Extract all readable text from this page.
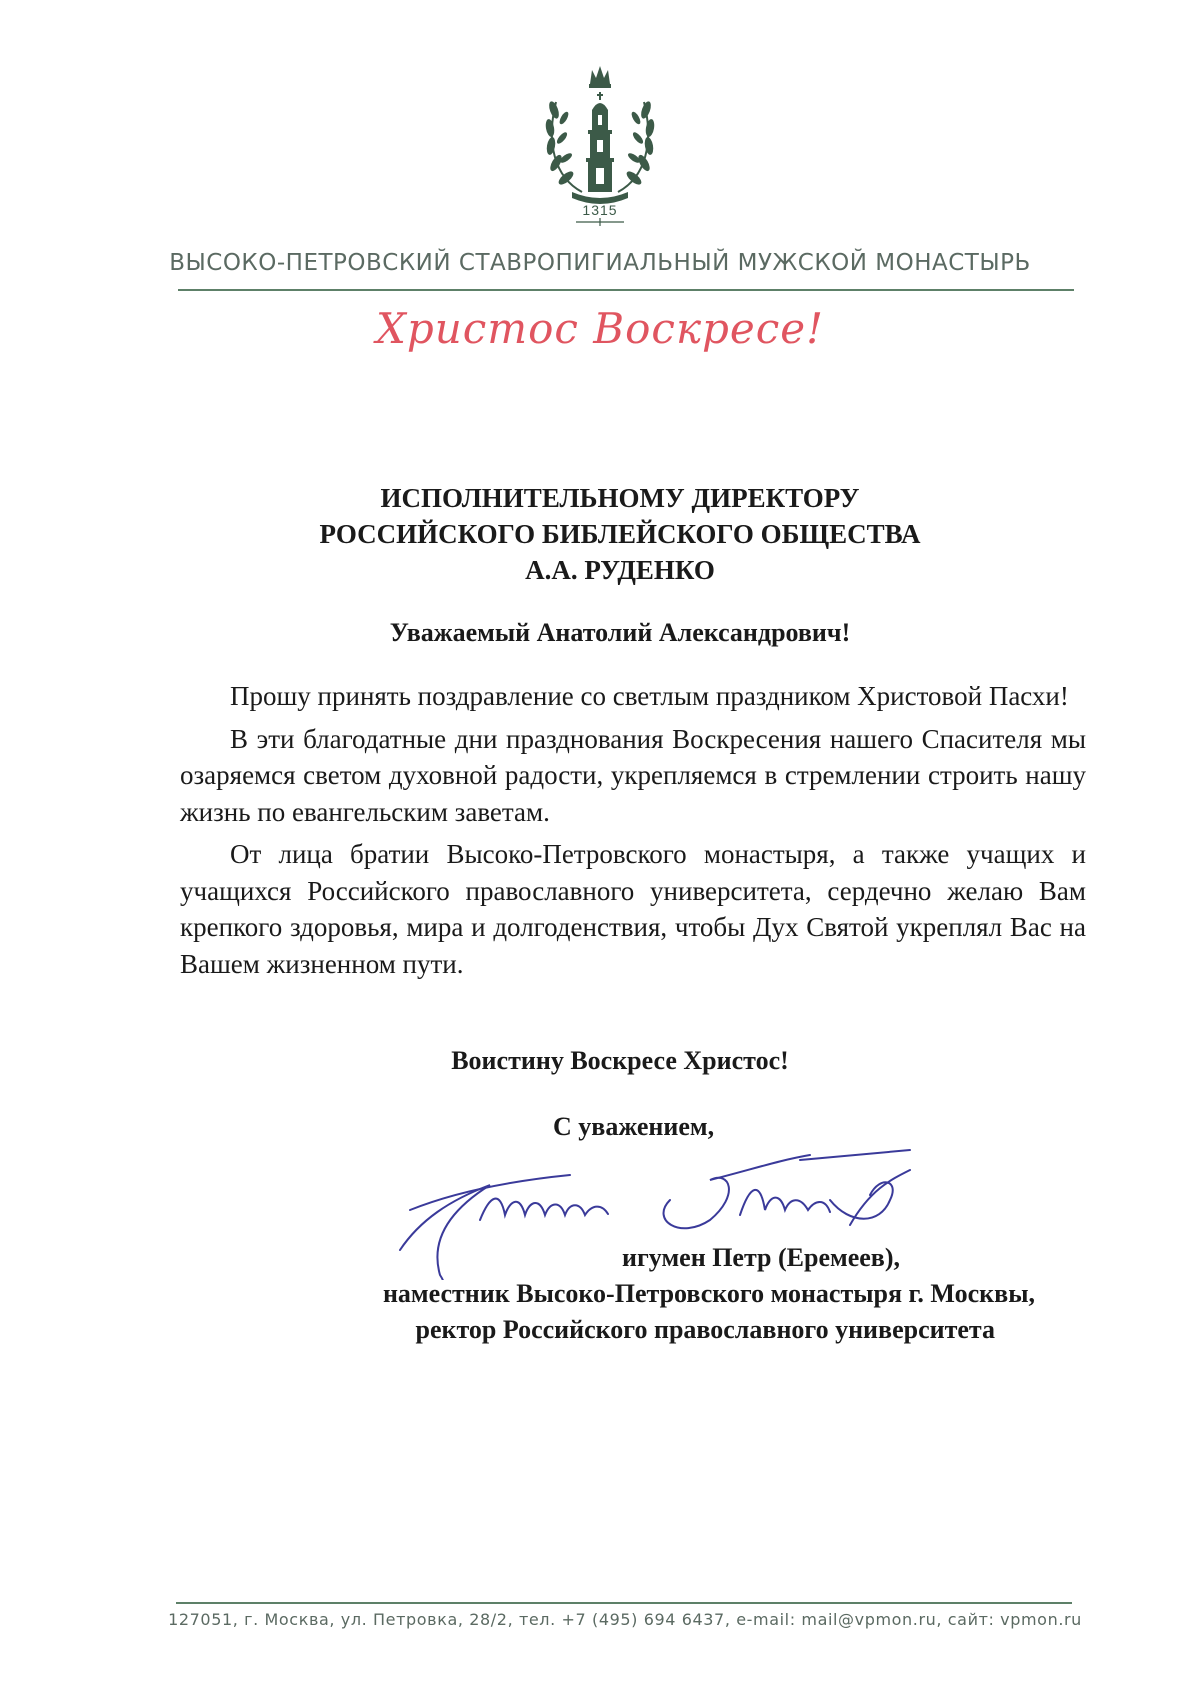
1315
ВЫСОКО-ПЕТРОВСКИЙ СТАВРОПИГИАЛЬНЫЙ МУЖСКОЙ МОНАСТЫРЬ
Христос Воскресе!
ИСПОЛНИТЕЛЬНОМУ ДИРЕКТОРУ
РОССИЙСКОГО БИБЛЕЙСКОГО ОБЩЕСТВА
А.А. РУДЕНКО
Уважаемый Анатолий Александрович!

Прошу принять поздравление со светлым праздником Христовой Пасхи!

В эти благодатные дни празднования Воскресения нашего Спасителя мы озаряемся светом духовной радости, укрепляемся в стремлении строить нашу жизнь по евангельским заветам.

От лица братии Высоко-Петровского монастыря, а также учащих и учащихся Российского православного университета, сердечно желаю Вам крепкого здоровья, мира и долгоденствия, чтобы Дух Святой укреплял Вас на Вашем жизненном пути.

Воистину Воскресе Христос!
С уважением,
игумен Петр (Еремеев),
наместник Высоко-Петровского монастыря г. Москвы,
ректор Российского православного университета
127051, г. Москва, ул. Петровка, 28/2, тел. +7 (495) 694 6437, e-mail: mail@vpmon.ru, сайт: vpmon.ru
